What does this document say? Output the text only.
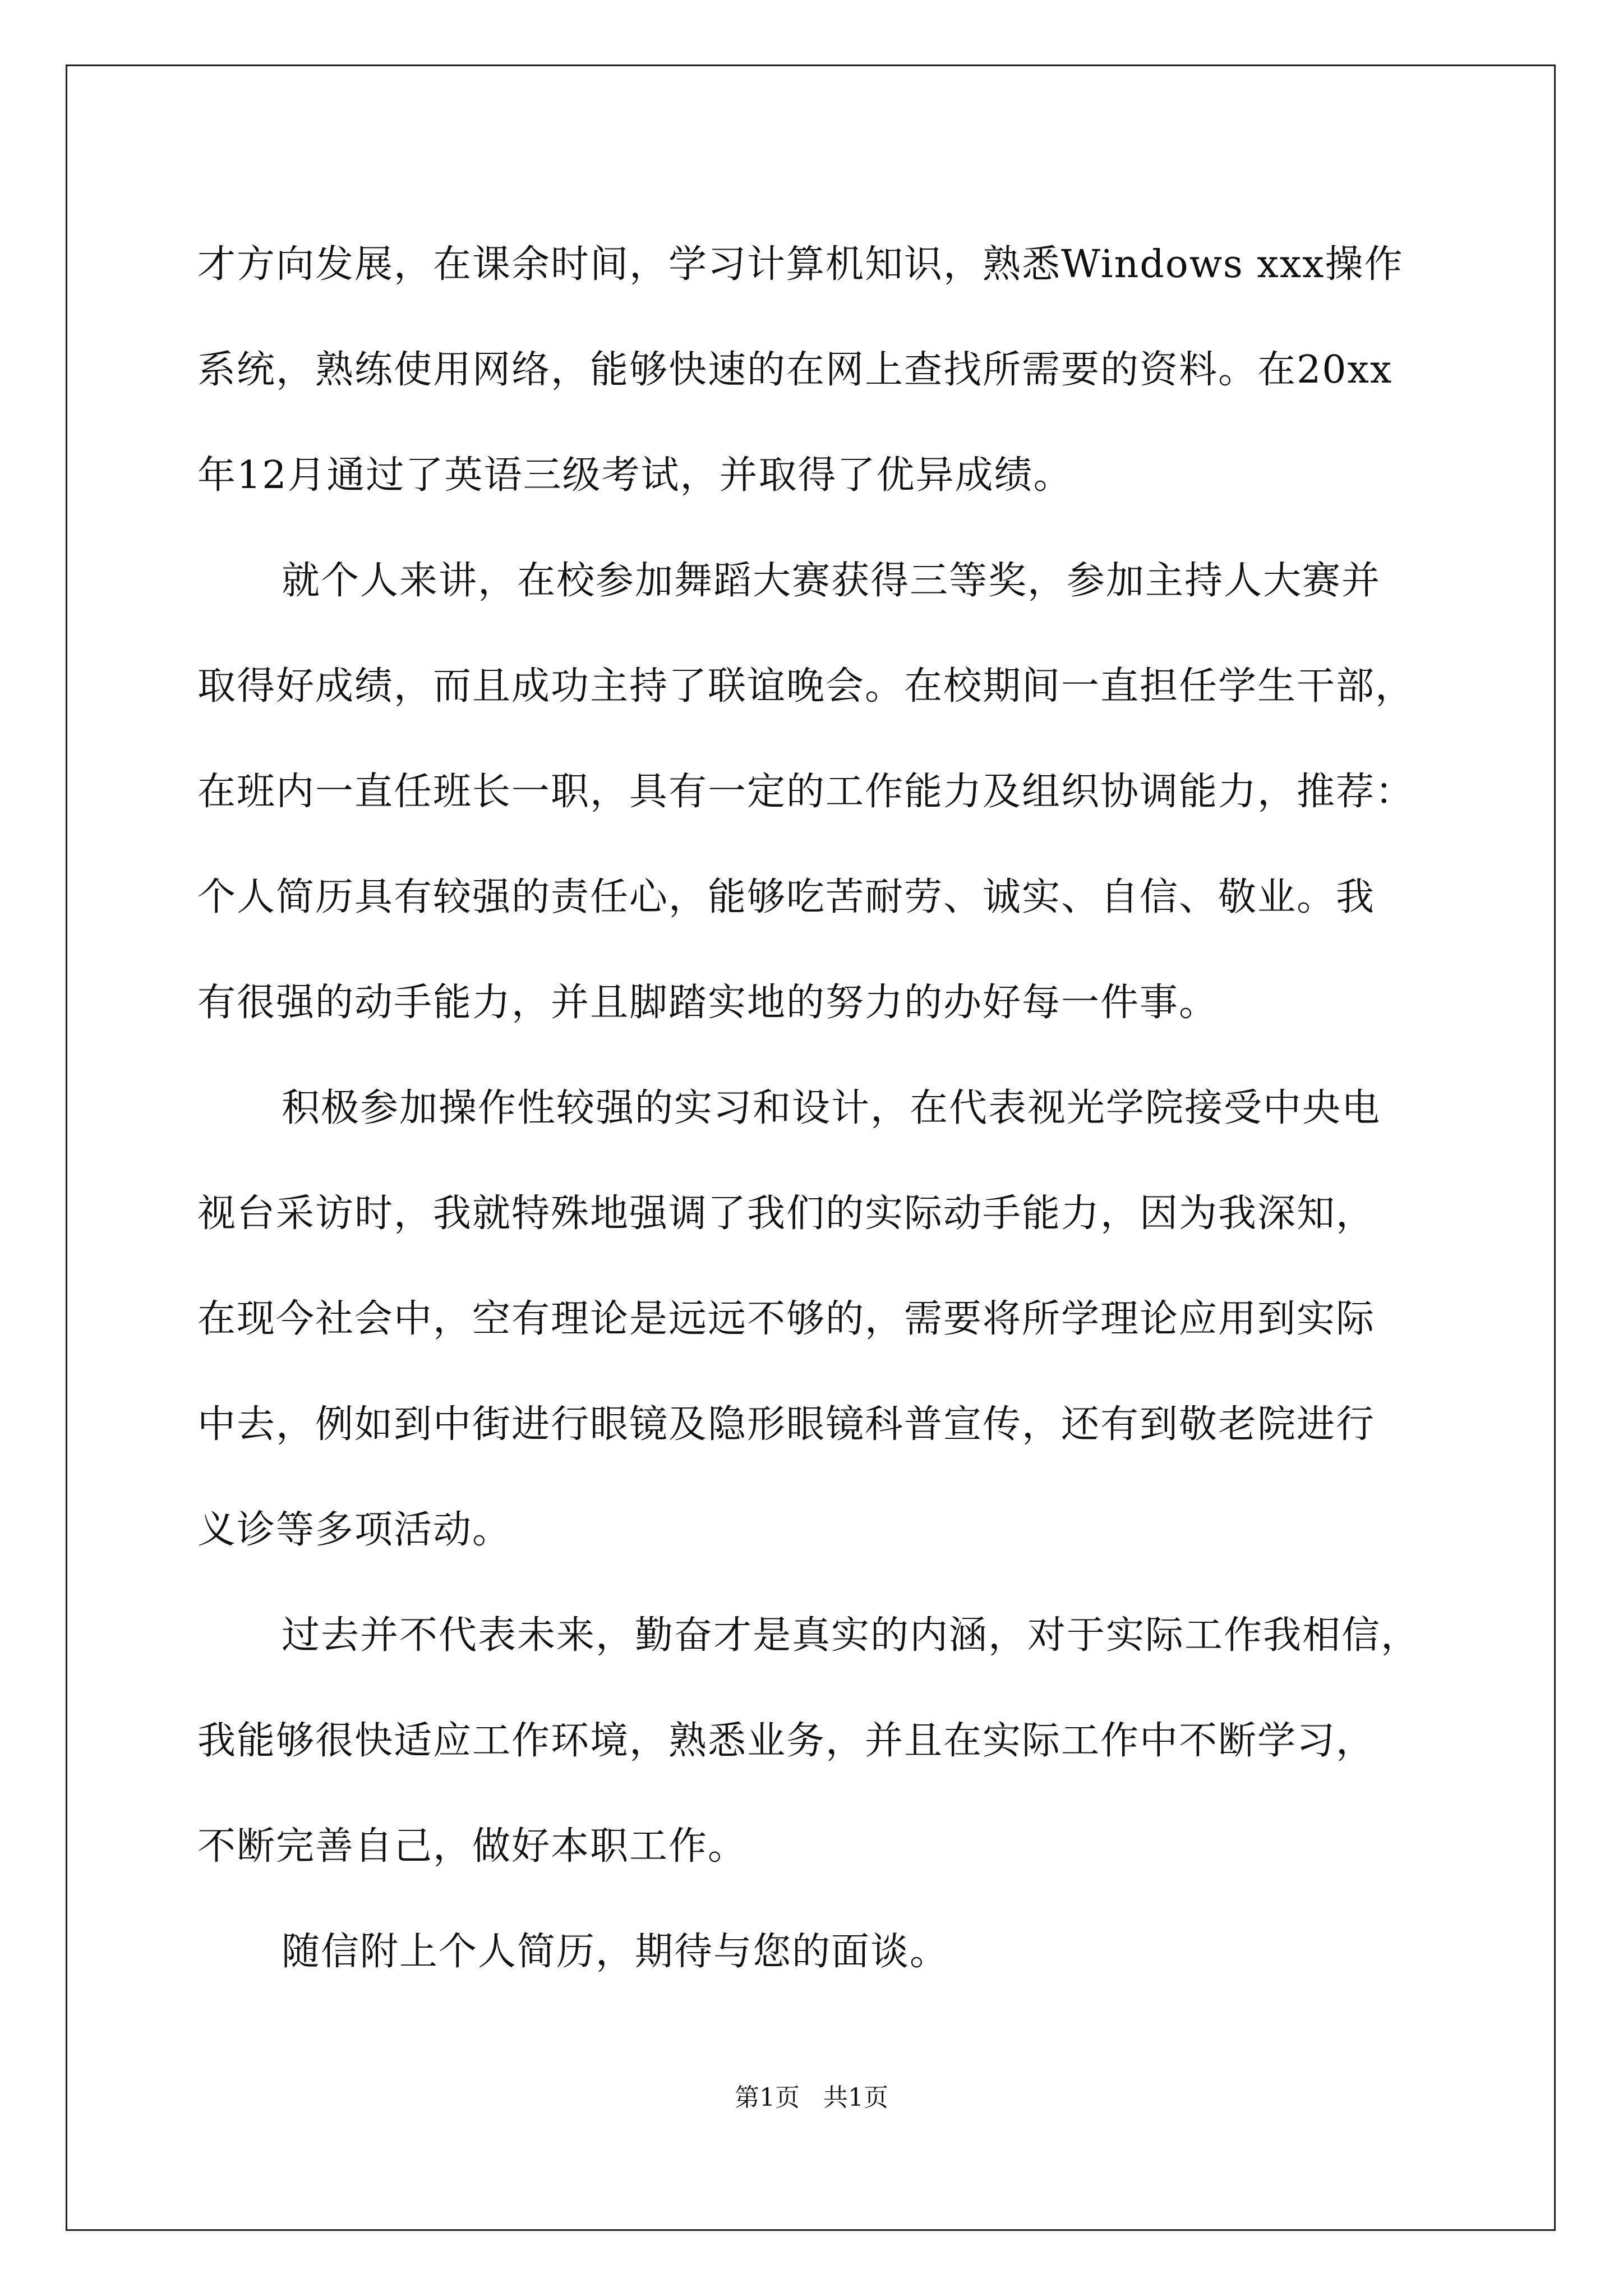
才方向发展，在课余时间，学习计算机知识，熟悉Windows xxx操作
系统，熟练使用网络，能够快速的在网上查找所需要的资料。在20xx
年12月通过了英语三级考试，并取得了优异成绩。
就个人来讲，在校参加舞蹈大赛获得三等奖，参加主持人大赛并
取得好成绩，而且成功主持了联谊晚会。在校期间一直担任学生干部，
在班内一直任班长一职，具有一定的工作能力及组织协调能力，推荐：
个人简历具有较强的责任心，能够吃苦耐劳、诚实、自信、敬业。我
有很强的动手能力，并且脚踏实地的努力的办好每一件事。
积极参加操作性较强的实习和设计，在代表视光学院接受中央电
视台采访时，我就特殊地强调了我们的实际动手能力，因为我深知，
在现今社会中，空有理论是远远不够的，需要将所学理论应用到实际
中去，例如到中街进行眼镜及隐形眼镜科普宣传，还有到敬老院进行
义诊等多项活动。
过去并不代表未来，勤奋才是真实的内涵，对于实际工作我相信，
我能够很快适应工作环境，熟悉业务，并且在实际工作中不断学习，
不断完善自己，做好本职工作。
随信附上个人简历，期待与您的面谈。
第1页   共1页
